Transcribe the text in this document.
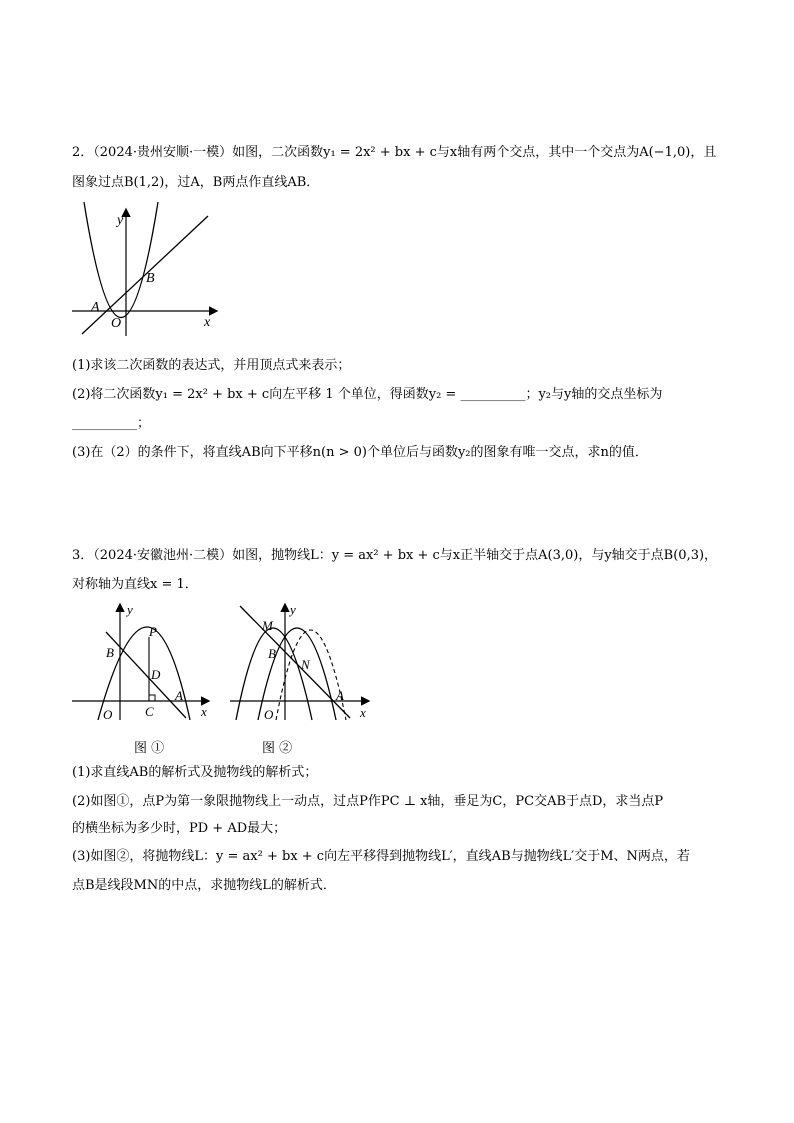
2．（2024·贵州安顺·一模）如图，二次函数y₁ = 2x² + bx + c与x轴有两个交点，其中一个交点为A(−1,0)，且
图象过点B(1,2)，过A，B两点作直线AB．
y
x
A
B
O
(1)求该二次函数的表达式，并用顶点式来表示；
(2)将二次函数y₁ = 2x² + bx + c向左平移 1 个单位，得函数y₂ = __________；y₂与y轴的交点坐标为
__________；
(3)在（2）的条件下，将直线AB向下平移n(n > 0)个单位后与函数y₂的图象有唯一交点，求n的值．
3．（2024·安徽池州·二模）如图，抛物线L：y = ax² + bx + c与x正半轴交于点A(3,0)，与y轴交于点B(0,3)，
对称轴为直线x = 1．
y
x
B
P
D
C
A
O
图 ①
y
x
M
B
N
A
O
图 ②
(1)求直线AB的解析式及抛物线的解析式；
(2)如图①，点P为第一象限抛物线上一动点，过点P作PC ⊥ x轴，垂足为C，PC交AB于点D，求当点P
的横坐标为多少时，PD + AD最大；
(3)如图②，将抛物线L：y = ax² + bx + c向左平移得到抛物线L′，直线AB与抛物线L′交于M、N两点，若
点B是线段MN的中点，求抛物线L的解析式．
